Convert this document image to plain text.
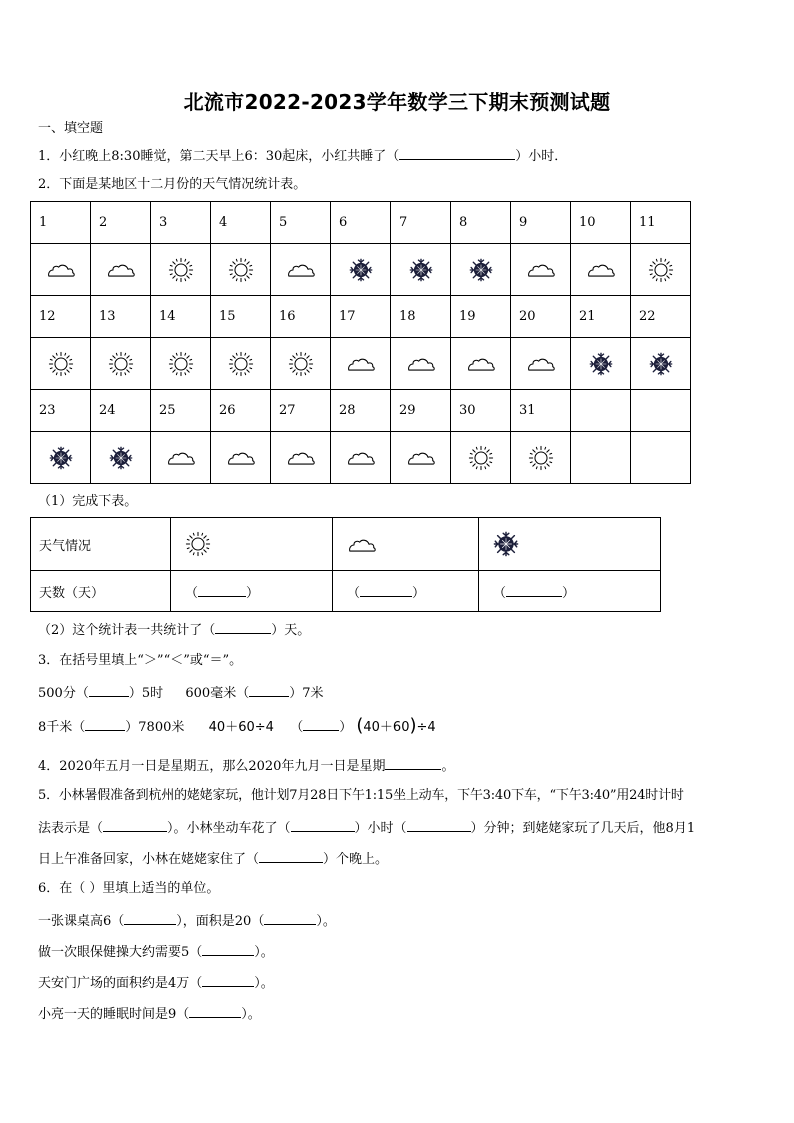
北流市2022-2023学年数学三下期末预测试题
一、填空题
1．小红晚上8:30睡觉，第二天早上6：30起床，小红共睡了（	）小时．
2．下面是某地区十二月份的天气情况统计表。
1	2	3	4	5	6	7	8	9	10	11

12	13	14	15	16	17	18	19	20	21	22

23	24	25	26	27	28	29	30	31		

（1）完成下表。
天气情况			
天数（天）	（ ）	（ ）	（ ）
（2）这个统计表一共统计了（	）天。
3．在括号里填上“＞”“＜”或“＝”。
500分（	）5时 600毫米（	）7米
8千米（	）7800米 40＋60÷4 （	） (40＋60)÷4
4．2020年五月一日是星期五，那么2020年九月一日是星期	。
5．小林暑假准备到杭州的姥姥家玩，他计划7月28日下午1:15坐上动车，下午3:40下车，“下午3:40”用24时计时
法表示是（	）。小林坐动车花了（	）小时（	）分钟；到姥姥家玩了几天后，他8月1
日上午准备回家，小林在姥姥家住了（	）个晚上。
6．在（ ）里填上适当的单位。
一张课桌高6（	），面积是20（	）。
做一次眼保健操大约需要5（	）。
天安门广场的面积约是4万（	）。
小亮一天的睡眠时间是9（	）。
